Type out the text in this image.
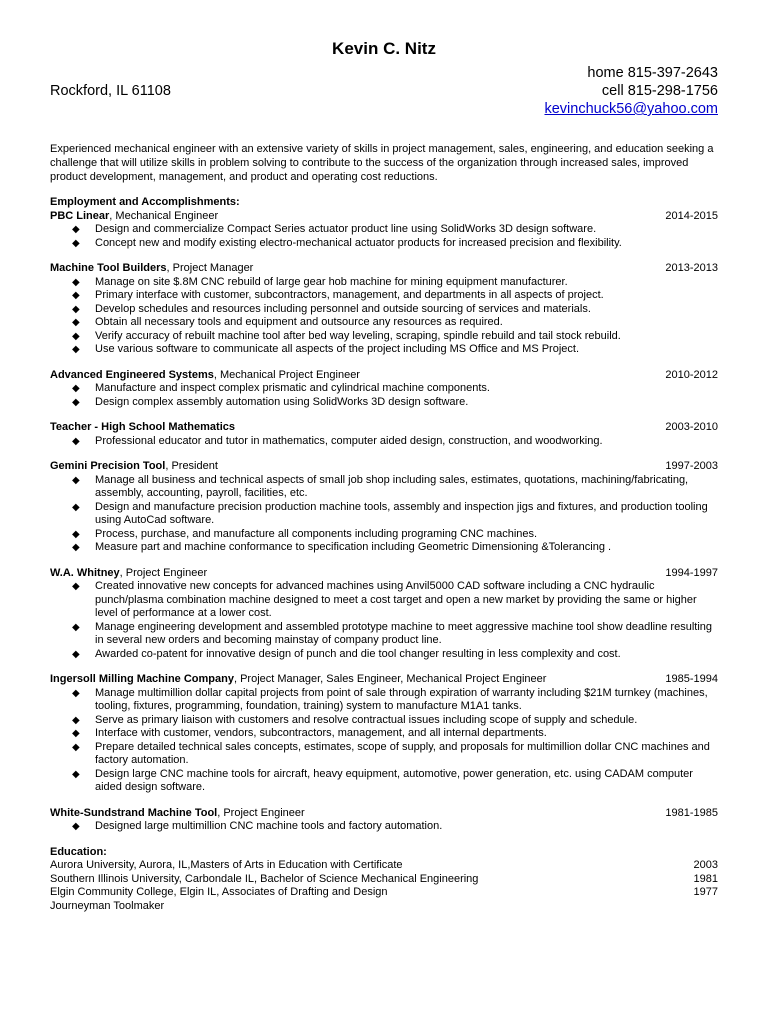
Kevin C. Nitz
Rockford, IL 61108
home 815-397-2643
cell 815-298-1756
kevinchuck56@yahoo.com
Experienced mechanical engineer with an extensive variety of skills in project management, sales, engineering, and education seeking a challenge that will utilize skills in problem solving to contribute to the success of the organization through increased sales, improved product development, management, and product and operating cost reductions.
Employment and Accomplishments:
PBC Linear, Mechanical Engineer	2014-2015
◆ Design and commercialize Compact Series actuator product line using SolidWorks 3D design software.
◆ Concept new and modify existing electro-mechanical actuator products for increased precision and flexibility.
Machine Tool Builders, Project Manager	2013-2013
◆ Manage on site $.8M CNC rebuild of large gear hob machine for mining equipment manufacturer.
◆ Primary interface with customer, subcontractors, management, and departments in all aspects of project.
◆ Develop schedules and resources including personnel and outside sourcing of services and materials.
◆ Obtain all necessary tools and equipment and outsource any resources as required.
◆ Verify accuracy of rebuilt machine tool after bed way leveling, scraping, spindle rebuild and tail stock rebuild.
◆ Use various software to communicate all aspects of the project including MS Office and MS Project.
Advanced Engineered Systems, Mechanical Project Engineer	2010-2012
◆ Manufacture and inspect complex prismatic and cylindrical machine components.
◆ Design complex assembly automation using SolidWorks 3D design software.
Teacher - High School Mathematics	2003-2010
◆ Professional educator and tutor in mathematics, computer aided design, construction, and woodworking.
Gemini Precision Tool, President	1997-2003
◆ Manage all business and technical aspects of small job shop including sales, estimates, quotations, machining/fabricating, assembly, accounting, payroll, facilities, etc.
◆ Design and manufacture precision production machine tools, assembly and inspection jigs and fixtures, and production tooling using AutoCad software.
◆ Process, purchase, and manufacture all components including programing CNC machines.
◆ Measure part and machine conformance to specification including Geometric Dimensioning &Tolerancing .
W.A. Whitney, Project Engineer	1994-1997
◆ Created innovative new concepts for advanced machines using Anvil5000 CAD software including a CNC hydraulic punch/plasma combination machine designed to meet a cost target and open a new market by providing the same or higher level of performance at a lower cost.
◆ Manage engineering development and assembled prototype machine to meet aggressive machine tool show deadline resulting in several new orders and becoming mainstay of company product line.
◆ Awarded co-patent for innovative design of punch and die tool changer resulting in less complexity and cost.
Ingersoll Milling Machine Company, Project Manager, Sales Engineer, Mechanical Project Engineer	1985-1994
◆ Manage multimillion dollar capital projects from point of sale through expiration of warranty including $21M turnkey (machines, tooling, fixtures, programming, foundation, training) system to manufacture M1A1 tanks.
◆ Serve as primary liaison with customers and resolve contractual issues including scope of supply and schedule.
◆ Interface with customer, vendors, subcontractors, management, and all internal departments.
◆ Prepare detailed technical sales concepts, estimates, scope of supply, and proposals for multimillion dollar CNC machines and factory automation.
◆ Design large CNC machine tools for aircraft, heavy equipment, automotive, power generation, etc. using CADAM computer aided design software.
White-Sundstrand Machine Tool, Project Engineer	1981-1985
◆ Designed large multimillion CNC machine tools and factory automation.
Education:
Aurora University, Aurora, IL,Masters of Arts in Education with Certificate	2003
Southern Illinois University, Carbondale IL, Bachelor of Science Mechanical Engineering	1981
Elgin Community College, Elgin IL, Associates of Drafting and Design	1977
Journeyman Toolmaker
